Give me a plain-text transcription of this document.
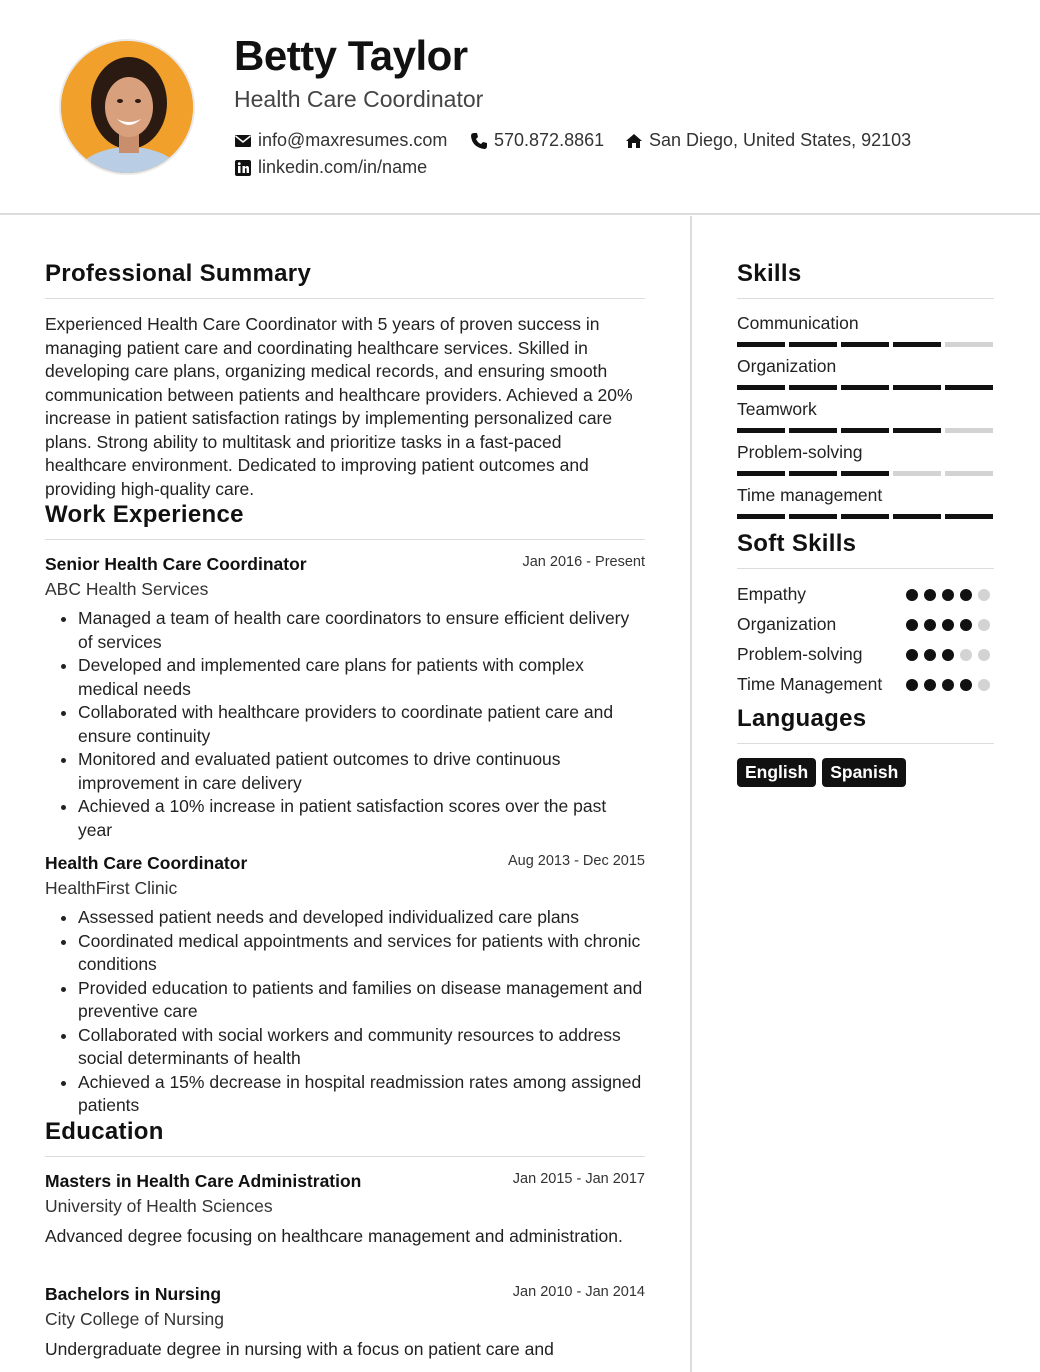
Betty Taylor
Health Care Coordinator
info@maxresumes.com	570.872.8861 San Diego, United States, 92103
linkedin.com/in/name
Professional Summary

Experienced Health Care Coordinator with 5 years of proven success in managing patient care and coordinating healthcare services. Skilled in developing care plans, organizing medical records, and ensuring smooth communication between patients and healthcare providers. Achieved a 20% increase in patient satisfaction ratings by implementing personalized care plans. Strong ability to multitask and prioritize tasks in a fast-paced healthcare environment. Dedicated to improving patient outcomes and providing high-quality care.

Work Experience
Senior Health Care Coordinator	Jan 2016 - Present
ABC Health Services
• Managed a team of health care coordinators to ensure efficient delivery of services
• Developed and implemented care plans for patients with complex medical needs
• Collaborated with healthcare providers to coordinate patient care and ensure continuity
• Monitored and evaluated patient outcomes to drive continuous improvement in care delivery
• Achieved a 10% increase in patient satisfaction scores over the past year
Health Care Coordinator	Aug 2013 - Dec 2015
HealthFirst Clinic
• Assessed patient needs and developed individualized care plans
• Coordinated medical appointments and services for patients with chronic conditions
• Provided education to patients and families on disease management and preventive care
• Collaborated with social workers and community resources to address social determinants of health
• Achieved a 15% decrease in hospital readmission rates among assigned patients
Education
Masters in Health Care Administration	Jan 2015 - Jan 2017
University of Health Sciences
Advanced degree focusing on healthcare management and administration.
Bachelors in Nursing	Jan 2010 - Jan 2014
City College of Nursing
Undergraduate degree in nursing with a focus on patient care and
Skills
Communication
Organization
Teamwork
Problem-solving
Time management
Soft Skills
Empathy
Organization
Problem-solving
Time Management
Languages
English	Spanish
